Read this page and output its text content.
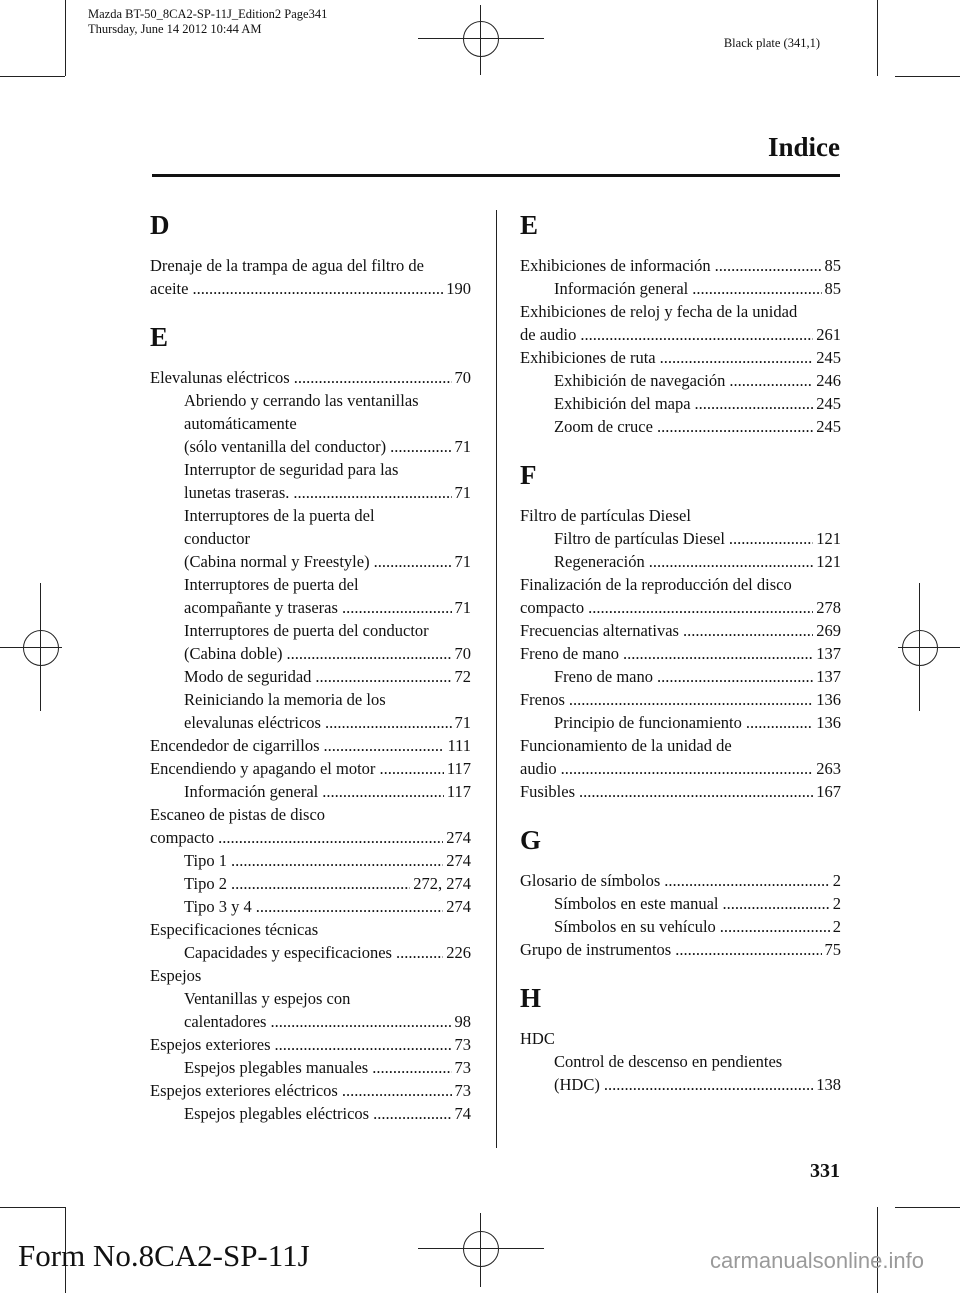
Mazda BT-50_8CA2-SP-11J_Edition2 Page341
Thursday, June 14 2012 10:44 AM
Black plate (341,1)
Indice
D
Drenaje de la trampa de agua del filtro de
aceite .....	190
E
Elevalunas eléctricos .....	70
Abriendo y cerrando las ventanillas
automáticamente
(sólo ventanilla del conductor) .....	71
Interruptor de seguridad para las
lunetas traseras. .....	71
Interruptores de la puerta del
conductor
(Cabina normal y Freestyle) .....	71
Interruptores de puerta del
acompañante y traseras .....	71
Interruptores de puerta del conductor
(Cabina doble) .....	70
Modo de seguridad .....	72
Reiniciando la memoria de los
elevalunas eléctricos .....	71
Encendedor de cigarrillos .....	111
Encendiendo y apagando el motor .....	117
Información general .....	117
Escaneo de pistas de disco
compacto .....	274
Tipo 1 .....	274
Tipo 2 .....	272, 274
Tipo 3 y 4 .....	274
Especificaciones técnicas
Capacidades y especificaciones .....	226
Espejos
Ventanillas y espejos con
calentadores .....	98
Espejos exteriores .....	73
Espejos plegables manuales .....	73
Espejos exteriores eléctricos .....	73
Espejos plegables eléctricos .....	74
E
Exhibiciones de información .....	85
Información general .....	85
Exhibiciones de reloj y fecha de la unidad
de audio .....	261
Exhibiciones de ruta .....	245
Exhibición de navegación .....	246
Exhibición del mapa .....	245
Zoom de cruce .....	245
F
Filtro de partículas Diesel
Filtro de partículas Diesel .....	121
Regeneración .....	121
Finalización de la reproducción del disco
compacto .....	278
Frecuencias alternativas .....	269
Freno de mano .....	137
Freno de mano .....	137
Frenos .....	136
Principio de funcionamiento .....	136
Funcionamiento de la unidad de
audio .....	263
Fusibles .....	167
G
Glosario de símbolos .....	2
Símbolos en este manual .....	2
Símbolos en su vehículo .....	2
Grupo de instrumentos .....	75
H
HDC
Control de descenso en pendientes
(HDC) .....	138
331
Form No.8CA2-SP-11J	carmanualsonline.info
